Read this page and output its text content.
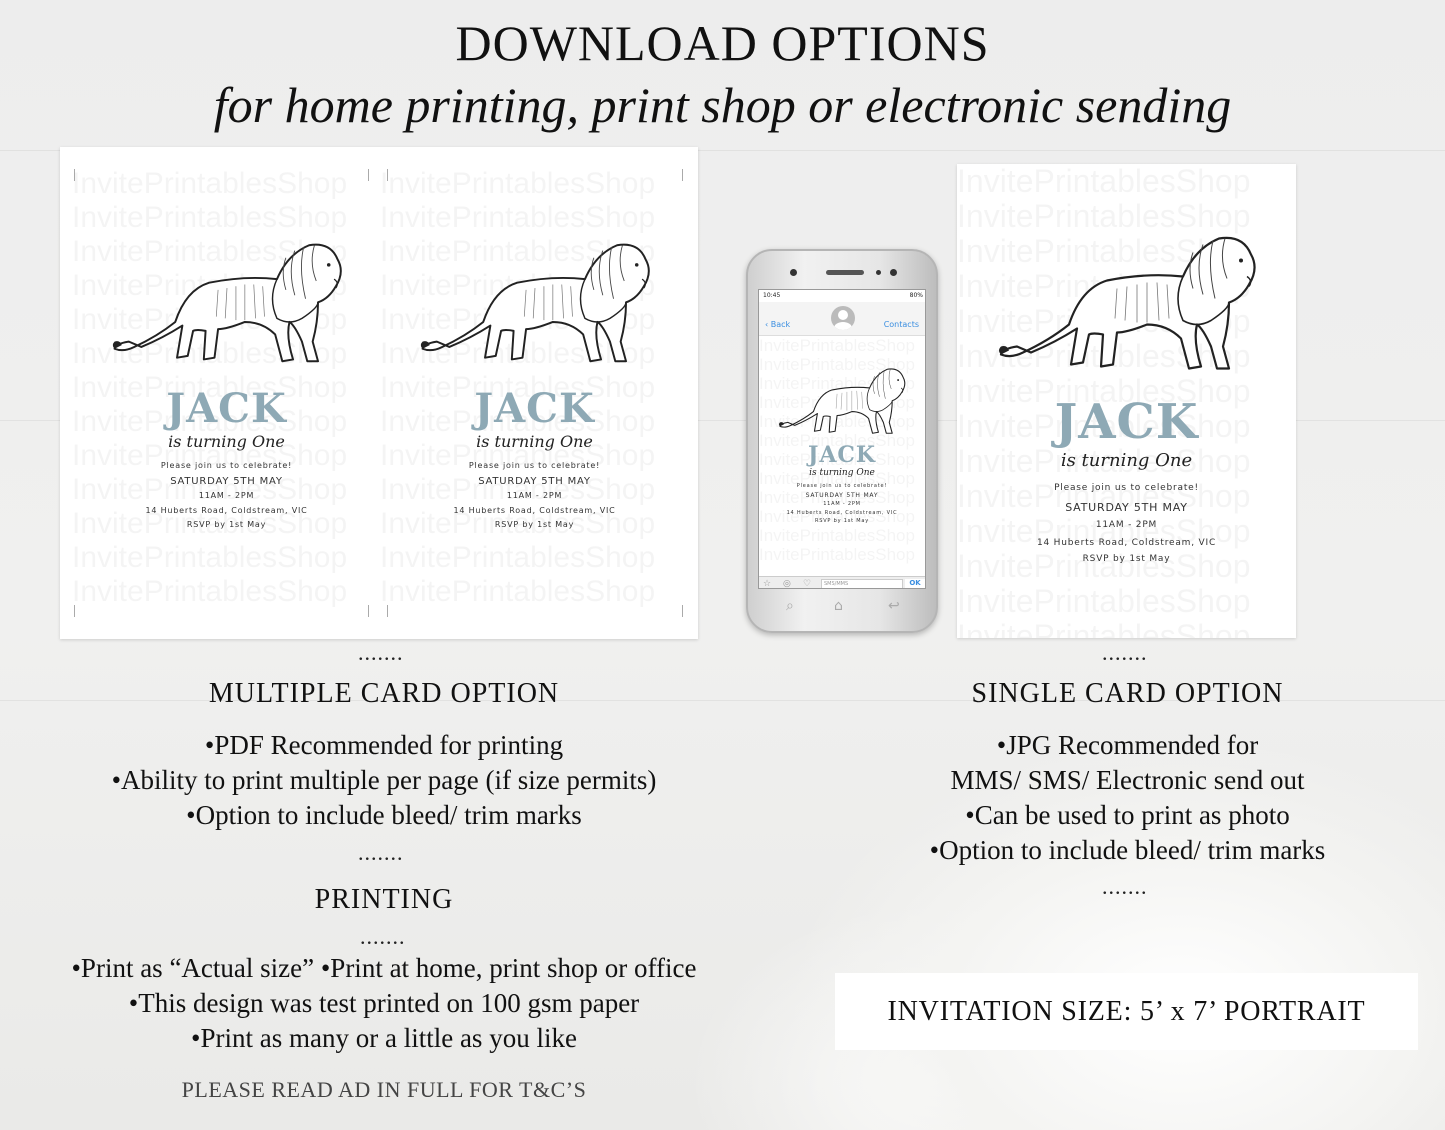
DOWNLOAD OPTIONS
for home printing, print shop or electronic sending
JACK
is turning One
Please join us to celebrate!
SATURDAY 5TH MAY
11AM - 2PM
14 Huberts Road, Coldstream, VIC
RSVP by 1st May
JACK
is turning One
Please join us to celebrate!
SATURDAY 5TH MAY
11AM - 2PM
14 Huberts Road, Coldstream, VIC
RSVP by 1st May
10:45	80%
‹ Back	Contacts
JACK
is turning One
Please join us to celebrate!
SATURDAY 5TH MAY
11AM - 2PM
14 Huberts Road, Coldstream, VIC
RSVP by 1st May
☆ ◎ ♡	SMS/MMS	OK
⌕	⌂	↩
JACK
is turning One
Please join us to celebrate!
SATURDAY 5TH MAY
11AM - 2PM
14 Huberts Road, Coldstream, VIC
RSVP by 1st May
.......
MULTIPLE CARD OPTION
•PDF Recommended for printing
•Ability to print multiple per page (if size permits)
•Option to include bleed/ trim marks
.......
PRINTING
.......
•Print as “Actual size” •Print at home, print shop or office
•This design was test printed on 100 gsm paper
•Print as many or a little as you like
PLEASE READ AD IN FULL FOR T&C’S
.......
SINGLE CARD OPTION
•JPG Recommended for
MMS/ SMS/ Electronic send out
•Can be used to print as photo
•Option to include bleed/ trim marks
.......
INVITATION SIZE: 5’ x 7’ PORTRAIT
